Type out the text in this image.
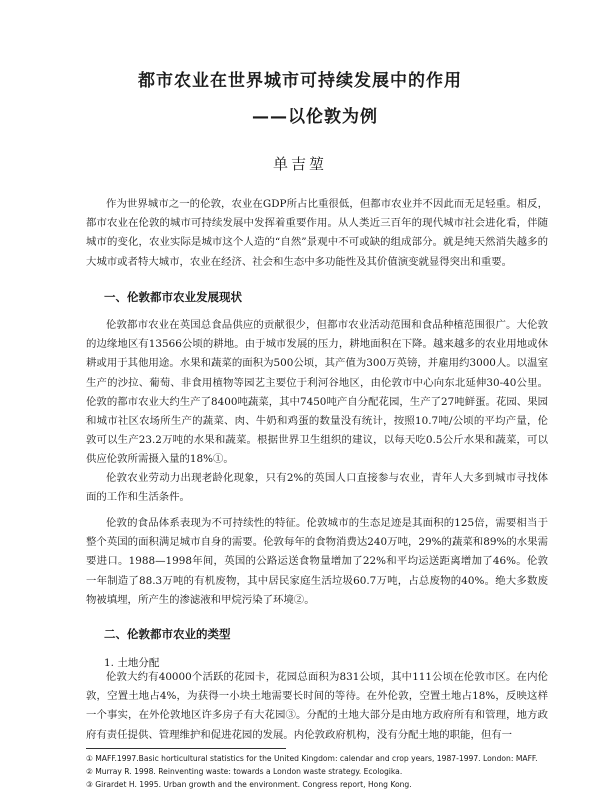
都市农业在世界城市可持续发展中的作用
——以伦敦为例
单吉堃

作为世界城市之一的伦敦，农业在GDP所占比重很低，但都市农业并不因此而无足轻重。相反，都市农业在伦敦的城市可持续发展中发挥着重要作用。从人类近三百年的现代城市社会进化看，伴随城市的变化，农业实际是城市这个人造的“自然”景观中不可或缺的组成部分。就是纯天然消失越多的大城市或者特大城市，农业在经济、社会和生态中多功能性及其价值演变就显得突出和重要。

一、伦敦都市农业发展现状

伦敦都市农业在英国总食品供应的贡献很少，但都市农业活动范围和食品种植范围很广。大伦敦的边缘地区有13566公顷的耕地。由于城市发展的压力，耕地面积在下降。越来越多的农业用地或休耕或用于其他用途。水果和蔬菜的面积为500公顷，其产值为300万英镑，并雇用约3000人。以温室生产的沙拉、葡萄、非食用植物等园艺主要位于利河谷地区，由伦敦市中心向东北延伸30-40公里。伦敦的都市农业大约生产了8400吨蔬菜，其中7450吨产自分配花园，生产了27吨鲜蛋。花园、果园和城市社区农场所生产的蔬菜、肉、牛奶和鸡蛋的数量没有统计，按照10.7吨/公顷的平均产量，伦敦可以生产23.2万吨的水果和蔬菜。根据世界卫生组织的建议，以每天吃0.5公斤水果和蔬菜，可以供应伦敦所需摄入量的18%①。

伦敦农业劳动力出现老龄化现象，只有2%的英国人口直接参与农业，青年人大多到城市寻找体面的工作和生活条件。

伦敦的食品体系表现为不可持续性的特征。伦敦城市的生态足迹是其面积的125倍，需要相当于整个英国的面积满足城市自身的需要。伦敦每年的食物消费达240万吨，29%的蔬菜和89%的水果需要进口。1988—1998年间，英国的公路运送食物量增加了22%和平均运送距离增加了46%。伦敦一年制造了88.3万吨的有机废物，其中居民家庭生活垃圾60.7万吨，占总废物的40%。绝大多数废物被填埋，所产生的渗滤液和甲烷污染了环境②。

二、伦敦都市农业的类型

1. 土地分配

伦敦大约有40000个活跃的花园卡，花园总面积为831公顷，其中111公顷在伦敦市区。在内伦敦，空置土地占4%，为获得一小块土地需要长时间的等待。在外伦敦，空置土地占18%，反映这样一个事实，在外伦敦地区许多房子有大花园③。分配的土地大部分是由地方政府所有和管理，地方政府有责任提供、管理维护和促进花园的发展。内伦敦政府机构，没有分配土地的职能，但有一

① MAFF.1997.Basic horticultural statistics for the United Kingdom: calendar and crop years, 1987-1997. London: MAFF.

② Murray R. 1998. Reinventing waste: towards a London waste strategy. Ecologika.

③ Girardet H. 1995. Urban growth and the environment. Congress report, Hong Kong.
